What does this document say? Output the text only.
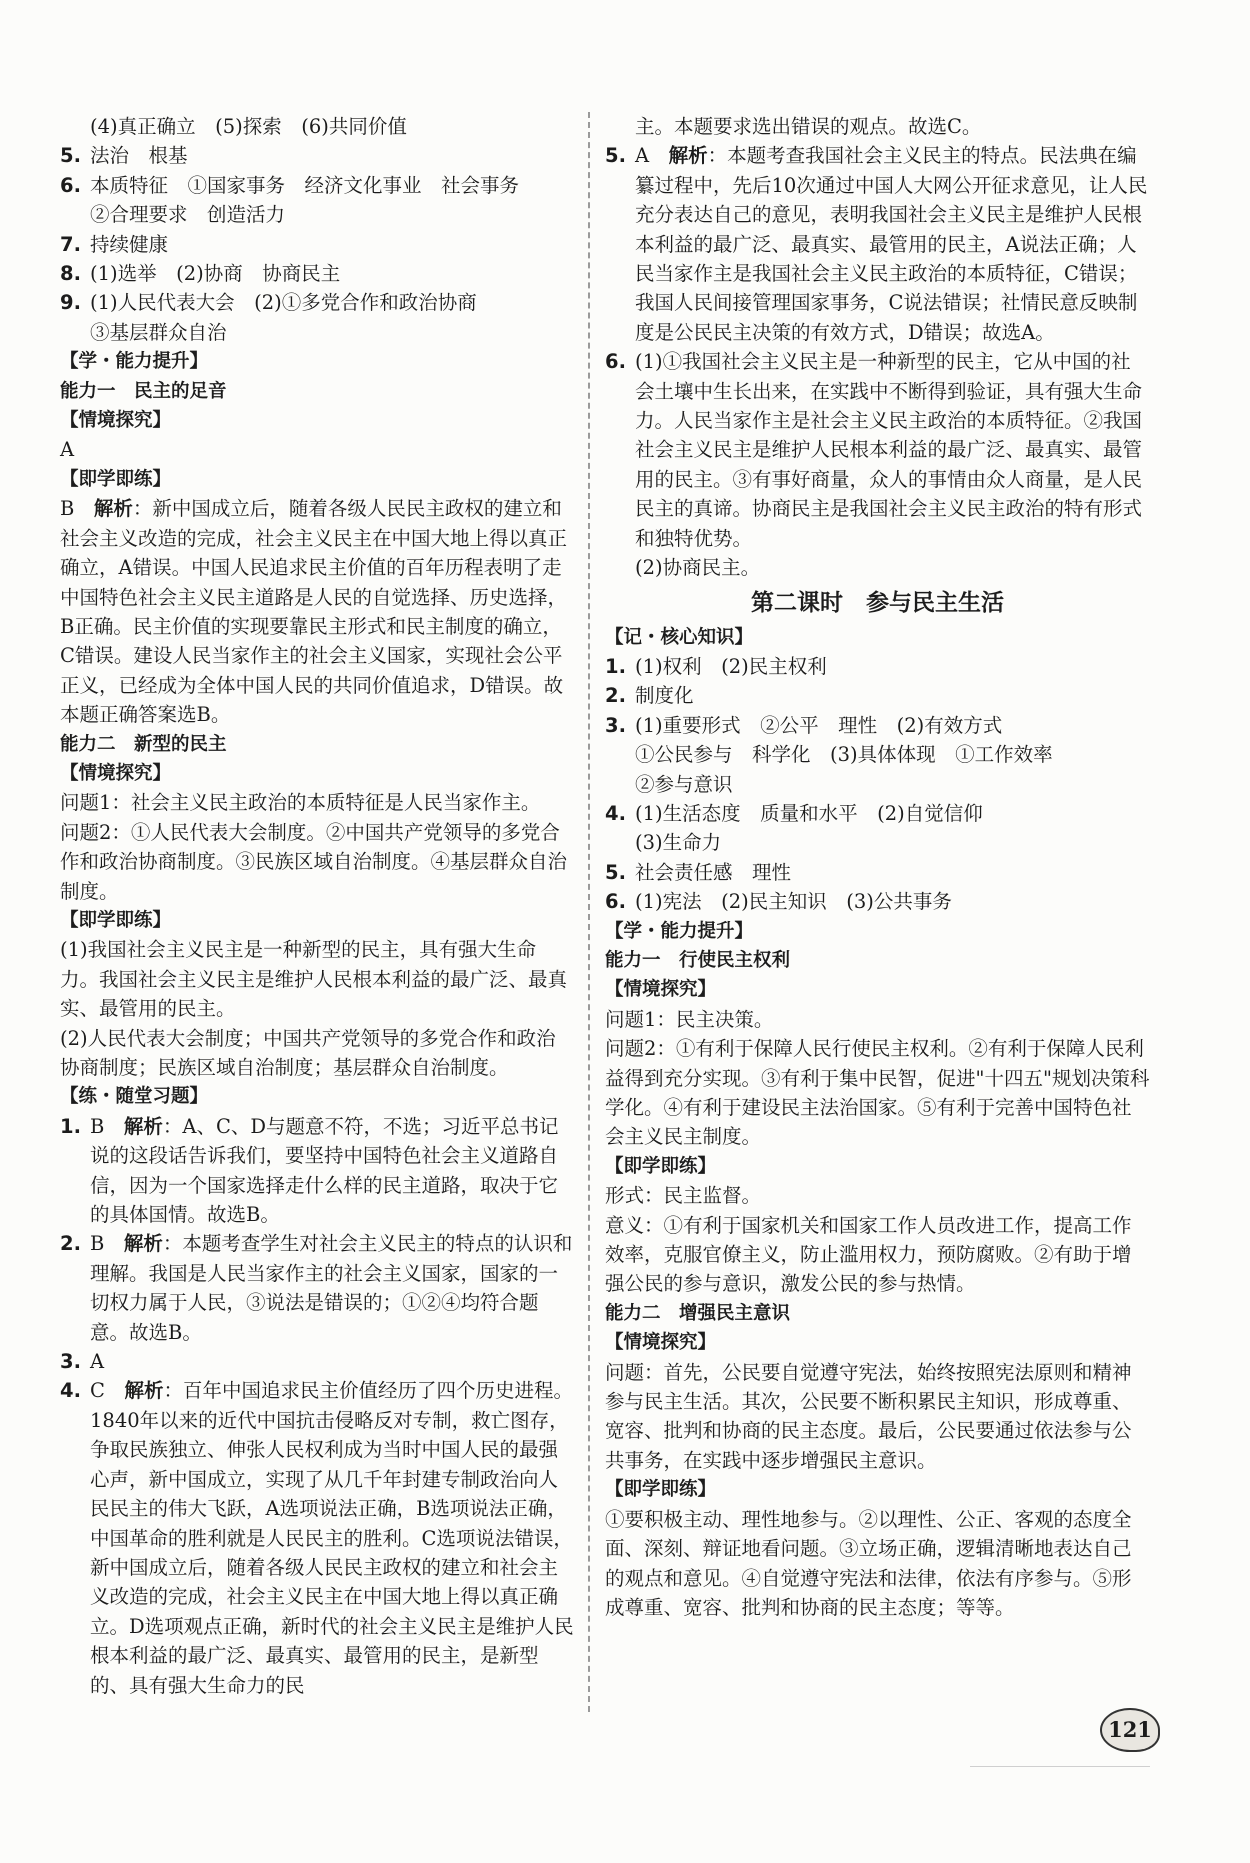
(4)真正确立　(5)探索　(6)共同价值

5. 法治　根基
6. 本质特征　①国家事务　经济文化事业　社会事务
②合理要求　创造活力
7. 持续健康
8. (1)选举　(2)协商　协商民主
9. (1)人民代表大会　(2)①多党合作和政治协商
③基层群众自治

【学・能力提升】

能力一　民主的足音

【情境探究】

A

【即学即练】

B　 解析：新中国成立后，随着各级人民民主政权的建立和社会主义改造的完成，社会主义民主在中国大地上得以真正确立，A错误。中国人民追求民主价值的百年历程表明了走中国特色社会主义民主道路是人民的自觉选择、历史选择，B正确。民主价值的实现要靠民主形式和民主制度的确立，C错误。建设人民当家作主的社会主义国家，实现社会公平正义，已经成为全体中国人民的共同价值追求，D错误。故本题正确答案选B。

能力二　新型的民主

【情境探究】

问题1：社会主义民主政治的本质特征是人民当家作主。

问题2：①人民代表大会制度。②中国共产党领导的多党合作和政治协商制度。③民族区域自治制度。④基层群众自治制度。

【即学即练】

(1)我国社会主义民主是一种新型的民主，具有强大生命力。我国社会主义民主是维护人民根本利益的最广泛、最真实、最管用的民主。

(2)人民代表大会制度；中国共产党领导的多党合作和政治协商制度；民族区域自治制度；基层群众自治制度。

【练・随堂习题】

1. B　 解析：A、C、D与题意不符，不选；习近平总书记说的这段话告诉我们，要坚持中国特色社会主义道路自信，因为一个国家选择走什么样的民主道路，取决于它的具体国情。故选B。
2. B　 解析：本题考查学生对社会主义民主的特点的认识和理解。我国是人民当家作主的社会主义国家，国家的一切权力属于人民，③说法是错误的；①②④均符合题意。故选B。
3. A
4. C　 解析：百年中国追求民主价值经历了四个历史进程。1840年以来的近代中国抗击侵略反对专制，救亡图存，争取民族独立、伸张人民权利成为当时中国人民的最强心声，新中国成立，实现了从几千年封建专制政治向人民民主的伟大飞跃，A选项说法正确，B选项说法正确，中国革命的胜利就是人民民主的胜利。C选项说法错误，新中国成立后，随着各级人民民主政权的建立和社会主义改造的完成，社会主义民主在中国大地上得以真正确立。D选项观点正确，新时代的社会主义民主是维护人民根本利益的最广泛、最真实、最管用的民主，是新型的、具有强大生命力的民

主。本题要求选出错误的观点。故选C。

5. A　 解析：本题考查我国社会主义民主的特点。民法典在编纂过程中，先后10次通过中国人大网公开征求意见，让人民充分表达自己的意见，表明我国社会主义民主是维护人民根本利益的最广泛、最真实、最管用的民主，A说法正确；人民当家作主是我国社会主义民主政治的本质特征，C错误；我国人民间接管理国家事务，C说法错误；社情民意反映制度是公民民主决策的有效方式，D错误；故选A。
6. (1)①我国社会主义民主是一种新型的民主，它从中国的社会土壤中生长出来，在实践中不断得到验证，具有强大生命力。人民当家作主是社会主义民主政治的本质特征。②我国社会主义民主是维护人民根本利益的最广泛、最真实、最管用的民主。③有事好商量，众人的事情由众人商量，是人民民主的真谛。协商民主是我国社会主义民主政治的特有形式和独特优势。
(2)协商民主。

第二课时　参与民主生活

【记・核心知识】

1. (1)权利　(2)民主权利
2. 制度化
3. (1)重要形式　②公平　理性　(2)有效方式
①公民参与　科学化　(3)具体体现　①工作效率
②参与意识
4. (1)生活态度　质量和水平　(2)自觉信仰
(3)生命力
5. 社会责任感　理性
6. (1)宪法　(2)民主知识　(3)公共事务

【学・能力提升】

能力一　行使民主权利

【情境探究】

问题1：民主决策。

问题2：①有利于保障人民行使民主权利。②有利于保障人民利益得到充分实现。③有利于集中民智，促进"十四五"规划决策科学化。④有利于建设民主法治国家。⑤有利于完善中国特色社会主义民主制度。

【即学即练】

形式：民主监督。

意义：①有利于国家机关和国家工作人员改进工作，提高工作效率，克服官僚主义，防止滥用权力，预防腐败。②有助于增强公民的参与意识，激发公民的参与热情。

能力二　增强民主意识

【情境探究】

问题：首先，公民要自觉遵守宪法，始终按照宪法原则和精神参与民主生活。其次，公民要不断积累民主知识，形成尊重、宽容、批判和协商的民主态度。最后，公民要通过依法参与公共事务，在实践中逐步增强民主意识。

【即学即练】

①要积极主动、理性地参与。②以理性、公正、客观的态度全面、深刻、辩证地看问题。③立场正确，逻辑清晰地表达自己的观点和意见。④自觉遵守宪法和法律，依法有序参与。⑤形成尊重、宽容、批判和协商的民主态度；等等。

121
